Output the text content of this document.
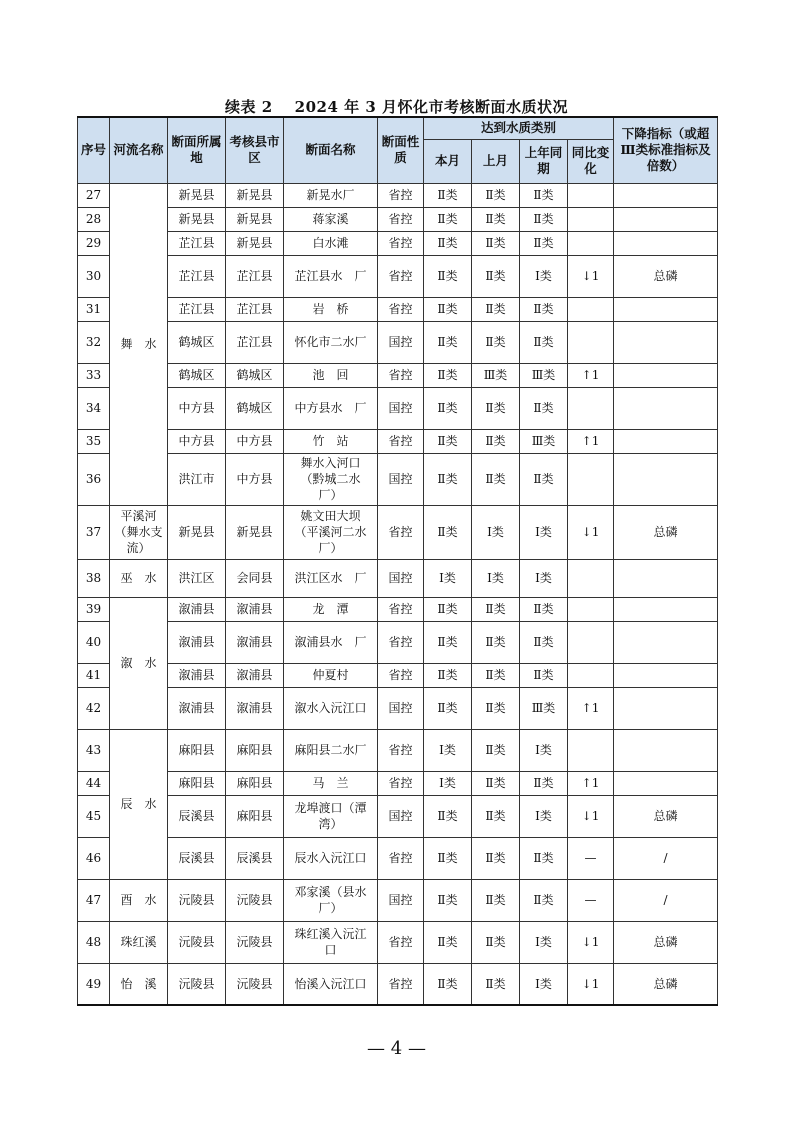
续表 2 2024 年 3 月怀化市考核断面水质状况
序号	河流名称	断面所属地	考核县市区	断面名称	断面性质	达到水质类别				下降指标（或超Ⅲ类标准指标及倍数）
						本月	上月	上年同期	同比变化	
27	舞　水	新晃县	新晃县	新晃水厂	省控	Ⅱ类	Ⅱ类	Ⅱ类		
28		新晃县	新晃县	蒋家溪	省控	Ⅱ类	Ⅱ类	Ⅱ类		
29		芷江县	新晃县	白水滩	省控	Ⅱ类	Ⅱ类	Ⅱ类		
30		芷江县	芷江县	芷江县水　厂	省控	Ⅱ类	Ⅱ类	Ⅰ类	↓1	总磷
31		芷江县	芷江县	岩　桥	省控	Ⅱ类	Ⅱ类	Ⅱ类		
32		鹤城区	芷江县	怀化市二水厂	国控	Ⅱ类	Ⅱ类	Ⅱ类		
33		鹤城区	鹤城区	池　回	省控	Ⅱ类	Ⅲ类	Ⅲ类	↑1	
34		中方县	鹤城区	中方县水　厂	国控	Ⅱ类	Ⅱ类	Ⅱ类		
35		中方县	中方县	竹　站	省控	Ⅱ类	Ⅱ类	Ⅲ类	↑1	
36		洪江市	中方县	舞水入河口（黔城二水厂）	国控	Ⅱ类	Ⅱ类	Ⅱ类		
37	平溪河（舞水支流）	新晃县	新晃县	姚文田大坝（平溪河二水厂）	省控	Ⅱ类	Ⅰ类	Ⅰ类	↓1	总磷
38	巫　水	洪江区	会同县	洪江区水　厂	国控	Ⅰ类	Ⅰ类	Ⅰ类		
39	溆　水	溆浦县	溆浦县	龙　潭	省控	Ⅱ类	Ⅱ类	Ⅱ类		
40		溆浦县	溆浦县	溆浦县水　厂	省控	Ⅱ类	Ⅱ类	Ⅱ类		
41		溆浦县	溆浦县	仲夏村	省控	Ⅱ类	Ⅱ类	Ⅱ类		
42		溆浦县	溆浦县	溆水入沅江口	国控	Ⅱ类	Ⅱ类	Ⅲ类	↑1	
43	辰　水	麻阳县	麻阳县	麻阳县二水厂	省控	Ⅰ类	Ⅱ类	Ⅰ类		
44		麻阳县	麻阳县	马　兰	省控	Ⅰ类	Ⅱ类	Ⅱ类	↑1	
45		辰溪县	麻阳县	龙埠渡口（潭湾）	国控	Ⅱ类	Ⅱ类	Ⅰ类	↓1	总磷
46		辰溪县	辰溪县	辰水入沅江口	省控	Ⅱ类	Ⅱ类	Ⅱ类	—	/
47	酉　水	沅陵县	沅陵县	邓家溪（县水厂）	国控	Ⅱ类	Ⅱ类	Ⅱ类	—	/
48	珠红溪	沅陵县	沅陵县	珠红溪入沅江口	省控	Ⅱ类	Ⅱ类	Ⅰ类	↓1	总磷
49	怡　溪	沅陵县	沅陵县	怡溪入沅江口	省控	Ⅱ类	Ⅱ类	Ⅰ类	↓1	总磷
— 4 —
